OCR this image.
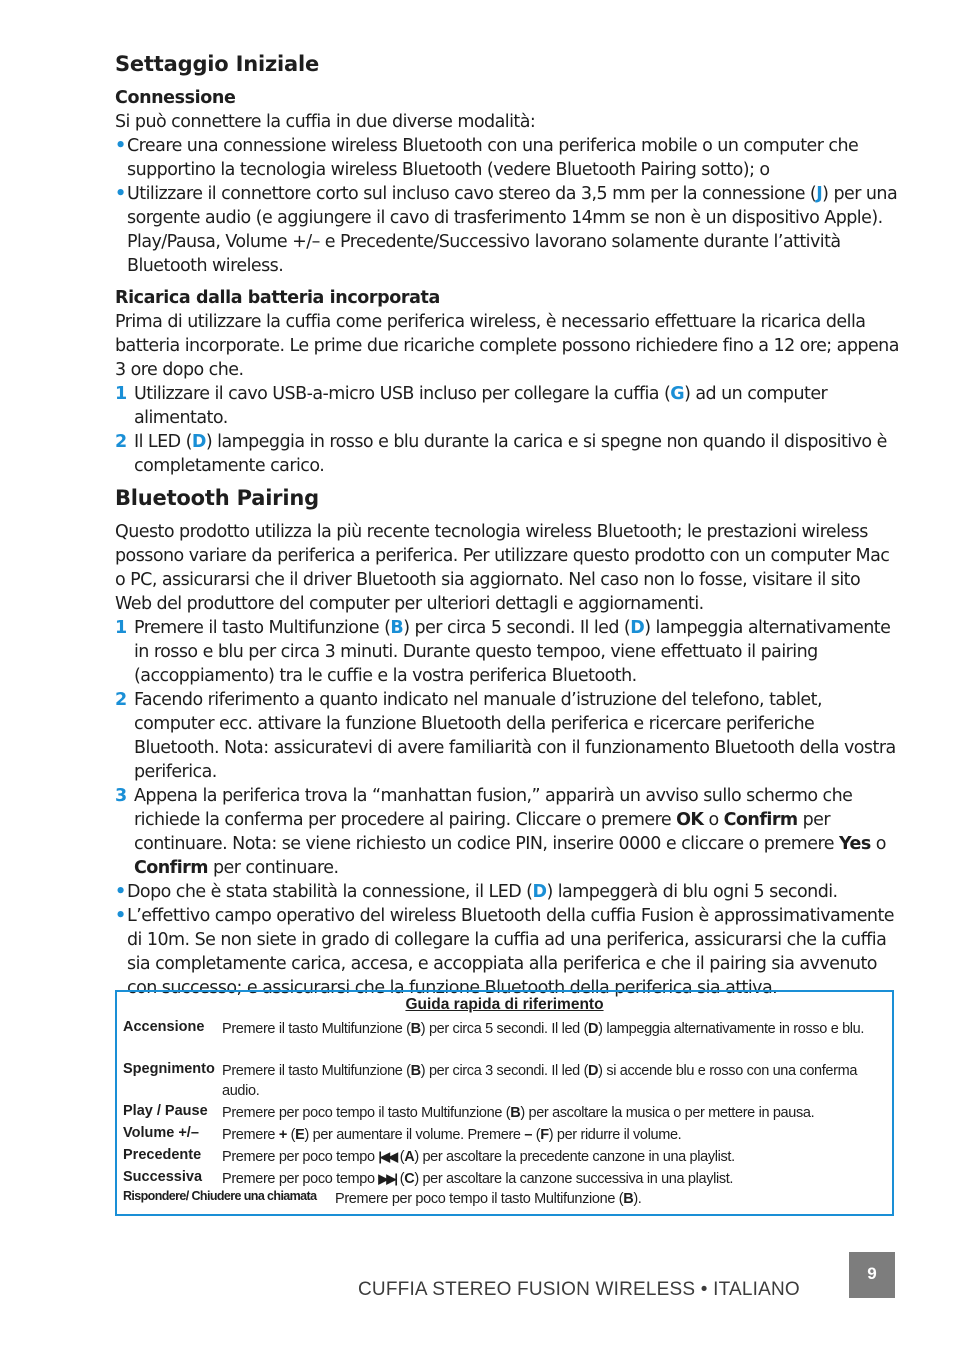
Settaggio Iniziale

Connessione

Si può connettere la cuffia in due diverse modalità:

• Creare una connessione wireless Bluetooth con una periferica mobile o un computer che supportino la tecnologia wireless Bluetooth (vedere Bluetooth Pairing sotto); o
• Utilizzare il connettore corto sul incluso cavo stereo da 3,5 mm per la connessione (J) per una sorgente audio (e aggiungere il cavo di trasferimento 14mm se non è un dispositivo Apple). Play/Pausa, Volume +/– e Precedente/Successivo lavorano solamente durante l’attività Bluetooth wireless.

Ricarica dalla batteria incorporata

Prima di utilizzare la cuffia come periferica wireless, è necessario effettuare la ricarica della batteria incorporate. Le prime due ricariche complete possono richiedere fino a 12 ore; appena 3 ore dopo che.

1 Utilizzare il cavo USB-a-micro USB incluso per collegare la cuffia (G) ad un computer alimentato.
2 Il LED (D) lampeggia in rosso e blu durante la carica e si spegne non quando il dispositivo è completamente carico.
Bluetooth Pairing

Questo prodotto utilizza la più recente tecnologia wireless Bluetooth; le prestazioni wireless possono variare da periferica a periferica. Per utilizzare questo prodotto con un computer Mac o PC, assicurarsi che il driver Bluetooth sia aggiornato. Nel caso non lo fosse, visitare il sito Web del produttore del computer per ulteriori dettagli e aggiornamenti.

1 Premere il tasto Multifunzione (B) per circa 5 secondi. Il led (D) lampeggia alternativamente in rosso e blu per circa 3 minuti. Durante questo tempoo, viene effettuato il pairing (accoppiamento) tra le cuffie e la vostra periferica Bluetooth.
2 Facendo riferimento a quanto indicato nel manuale d’istruzione del telefono, tablet, computer ecc. attivare la funzione Bluetooth della periferica e ricercare periferiche Bluetooth. Nota: assicuratevi di avere familiarità con il funzionamento Bluetooth della vostra periferica.
3 Appena la periferica trova la “manhattan fusion,” apparirà un avviso sullo schermo che richiede la conferma per procedere al pairing. Cliccare o premere OK o Confirm per continuare. Nota: se viene richiesto un codice PIN, inserire 0000 e cliccare o premere Yes o Confirm per continuare.
• Dopo che è stata stabilità la connessione, il LED (D) lampeggerà di blu ogni 5 secondi.
• L’effettivo campo operativo del wireless Bluetooth della cuffia Fusion è approssimativamente di 10m. Se non siete in grado di collegare la cuffia ad una periferica, assicurarsi che la cuffia sia completamente carica, accesa, e accoppiata alla periferica e che il pairing sia avvenuto con successo; e assicurarsi che la funzione Bluetooth della periferica sia attiva.
Guida rapida di riferimento
Accensione	Premere il tasto Multifunzione (B) per circa 5 secondi. Il led (D) lampeggia alternativamente in rosso e blu.
Spegnimento Premere il tasto Multifunzione (B) per circa 3 secondi. Il led (D) si accende blu e rosso con una conferma audio.
Play / Pause Premere per poco tempo il tasto Multifunzione (B) per ascoltare la musica o per mettere in pausa.
Volume +/–	Premere + (E) per aumentare il volume. Premere – (F) per ridurre il volume.
Precedente	Premere per poco tempo |◀◀ (A) per ascoltare la precedente canzone in una playlist.
Successiva	Premere per poco tempo ▶▶| (C) per ascoltare la canzone successiva in una playlist.
Rispondere/ Chiudere una chiamata	Premere per poco tempo il tasto Multifunzione (B).
CUFFIA STEREO FUSION WIRELESS • ITALIANO
9
